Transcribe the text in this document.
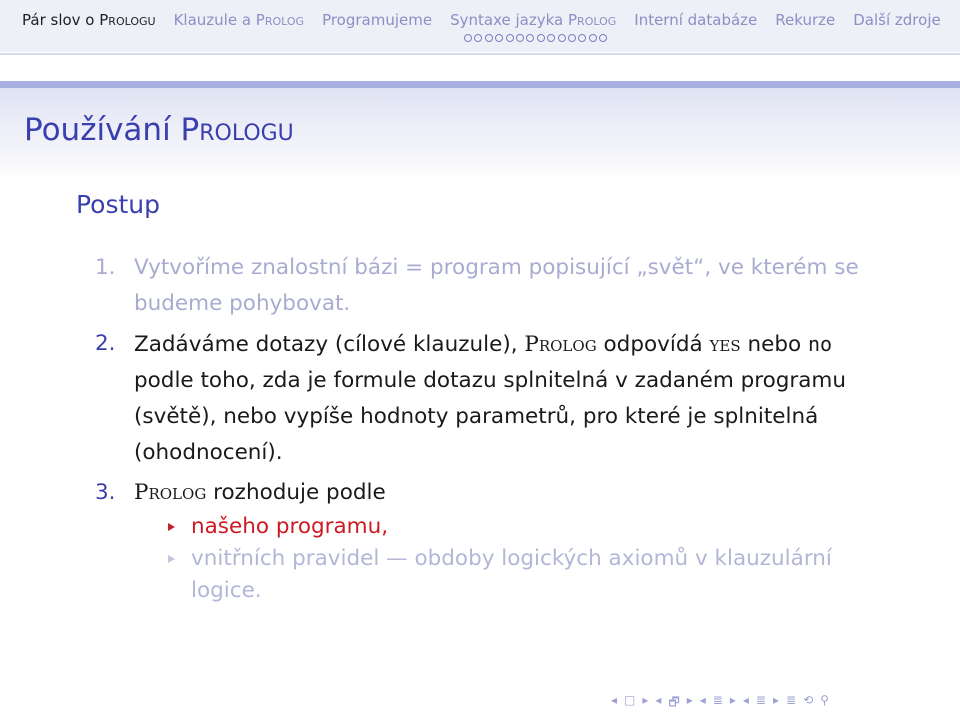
Pár slov o Prologu Klauzule a Prolog Programujeme Syntaxe jazyka Prolog Interní databáze Rekurze Další zdroje
Používání Prologu
Postup
1. Vytvoříme znalostní bázi = program popisující „svět“, ve kterém se budeme pohybovat.
2. Zadáváme dotazy (cílové klauzule), Prolog odpovídá yes nebo no podle toho, zda je formule dotazu splnitelná v zadaném programu (světě), nebo vypíše hodnoty parametrů, pro které je splnitelná (ohodnocení).
3. Prolog rozhoduje podle
našeho programu,
vnitřních pravidel — obdoby logických axiomů v klauzulární logice.
◂ □ ▸ ◂ 🗗 ▸ ◂ ≣ ▸ ◂ ≣ ▸ ≣ ⟲ ⚲
